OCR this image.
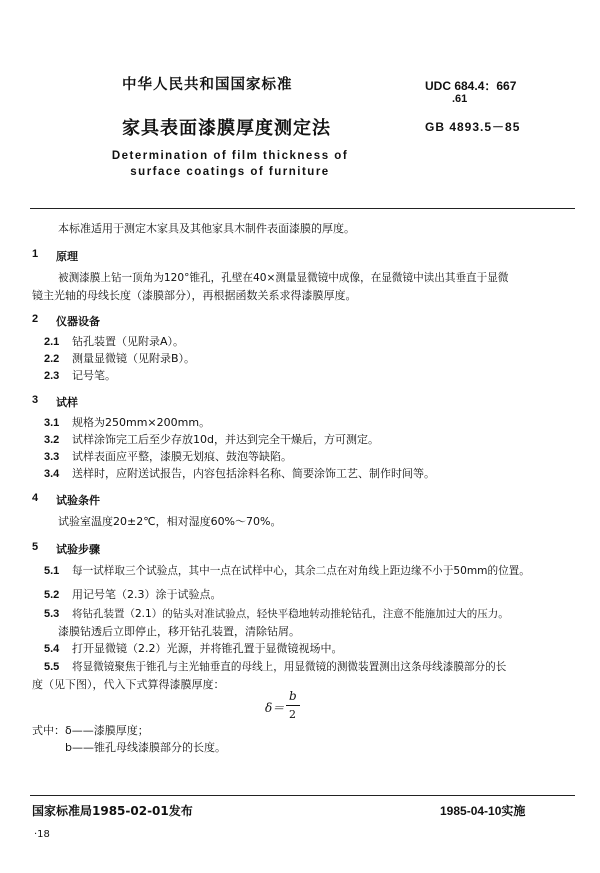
中华人民共和国国家标准	UDC 684.4：667
.61
家具表面漆膜厚度测定法	GB 4893.5－85
Determination of film thickness of
surface coatings of furniture
本标准适用于测定木家具及其他家具木制件表面漆膜的厚度。
1 原理
被测漆膜上钻一顶角为120°锥孔，孔壁在40×测量显微镜中成像，在显微镜中读出其垂直于显微
镜主光轴的母线长度（漆膜部分），再根据函数关系求得漆膜厚度。
2 仪器设备
2.1 钻孔装置（见附录A）。
2.2 测量显微镜（见附录B）。
2.3 记号笔。
3 试样
3.1 规格为250mm×200mm。
3.2 试样涂饰完工后至少存放10d，并达到完全干燥后，方可测定。
3.3 试样表面应平整，漆膜无划痕、鼓泡等缺陷。
3.4 送样时，应附送试报告，内容包括涂料名称、简要涂饰工艺、制作时间等。
4 试验条件
试验室温度20±2℃，相对湿度60%～70%。
5 试验步骤
5.1 每一试样取三个试验点，其中一点在试样中心，其余二点在对角线上距边缘不小于50mm的位置。
5.2 用记号笔（2.3）涂于试验点。
5.3 将钻孔装置（2.1）的钻头对准试验点，轻快平稳地转动推轮钻孔，注意不能施加过大的压力。
漆膜钻透后立即停止，移开钻孔装置，清除钻屑。
5.4 打开显微镜（2.2）光源，并将锥孔置于显微镜视场中。
5.5 将显微镜聚焦于锥孔与主光轴垂直的母线上，用显微镜的测微装置测出这条母线漆膜部分的长
度（见下图），代入下式算得漆膜厚度：
δ＝
b
2
式中： δ——漆膜厚度；
b——锥孔母线漆膜部分的长度。
国家标准局1985-02-01发布	1985-04-10实施
·18
